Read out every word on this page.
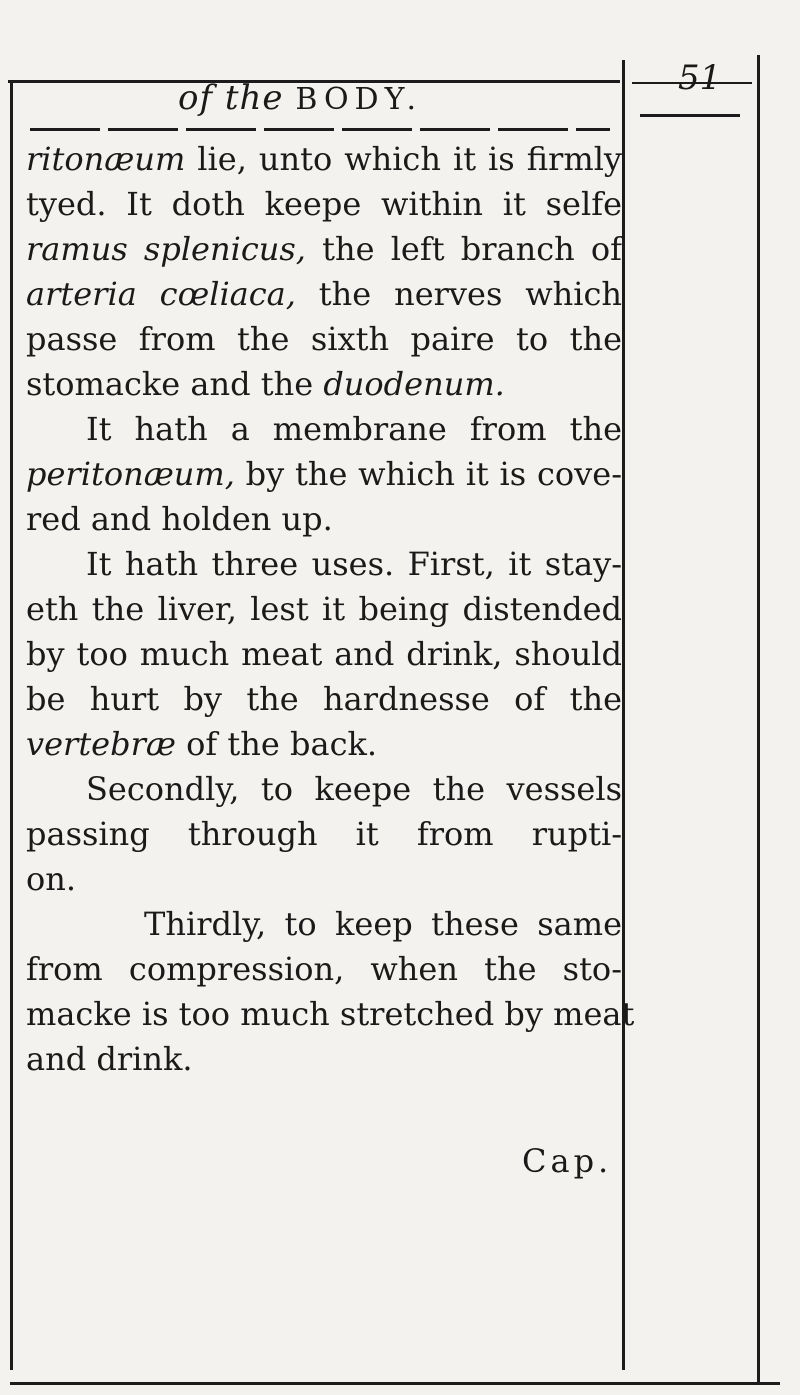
of the BODY.
51
ritonæum lie, unto which it is firmly
tyed. It doth keepe within it selfe
ramus splenicus, the left branch of
arteria cœliaca, the nerves which
passe from the sixth paire to the
stomacke and the duodenum.
It hath a membrane from the
peritonæum, by the which it is cove-
red and holden up.
It hath three uses. First, it stay-
eth the liver, lest it being distended
by too much meat and drink, should
be hurt by the hardnesse of the
vertebræ of the back.
Secondly, to keepe the vessels
passing through it from rupti-
on.
Thirdly, to keep these same
from compression, when the sto-
macke is too much stretched by meat
and drink.
Cap.
